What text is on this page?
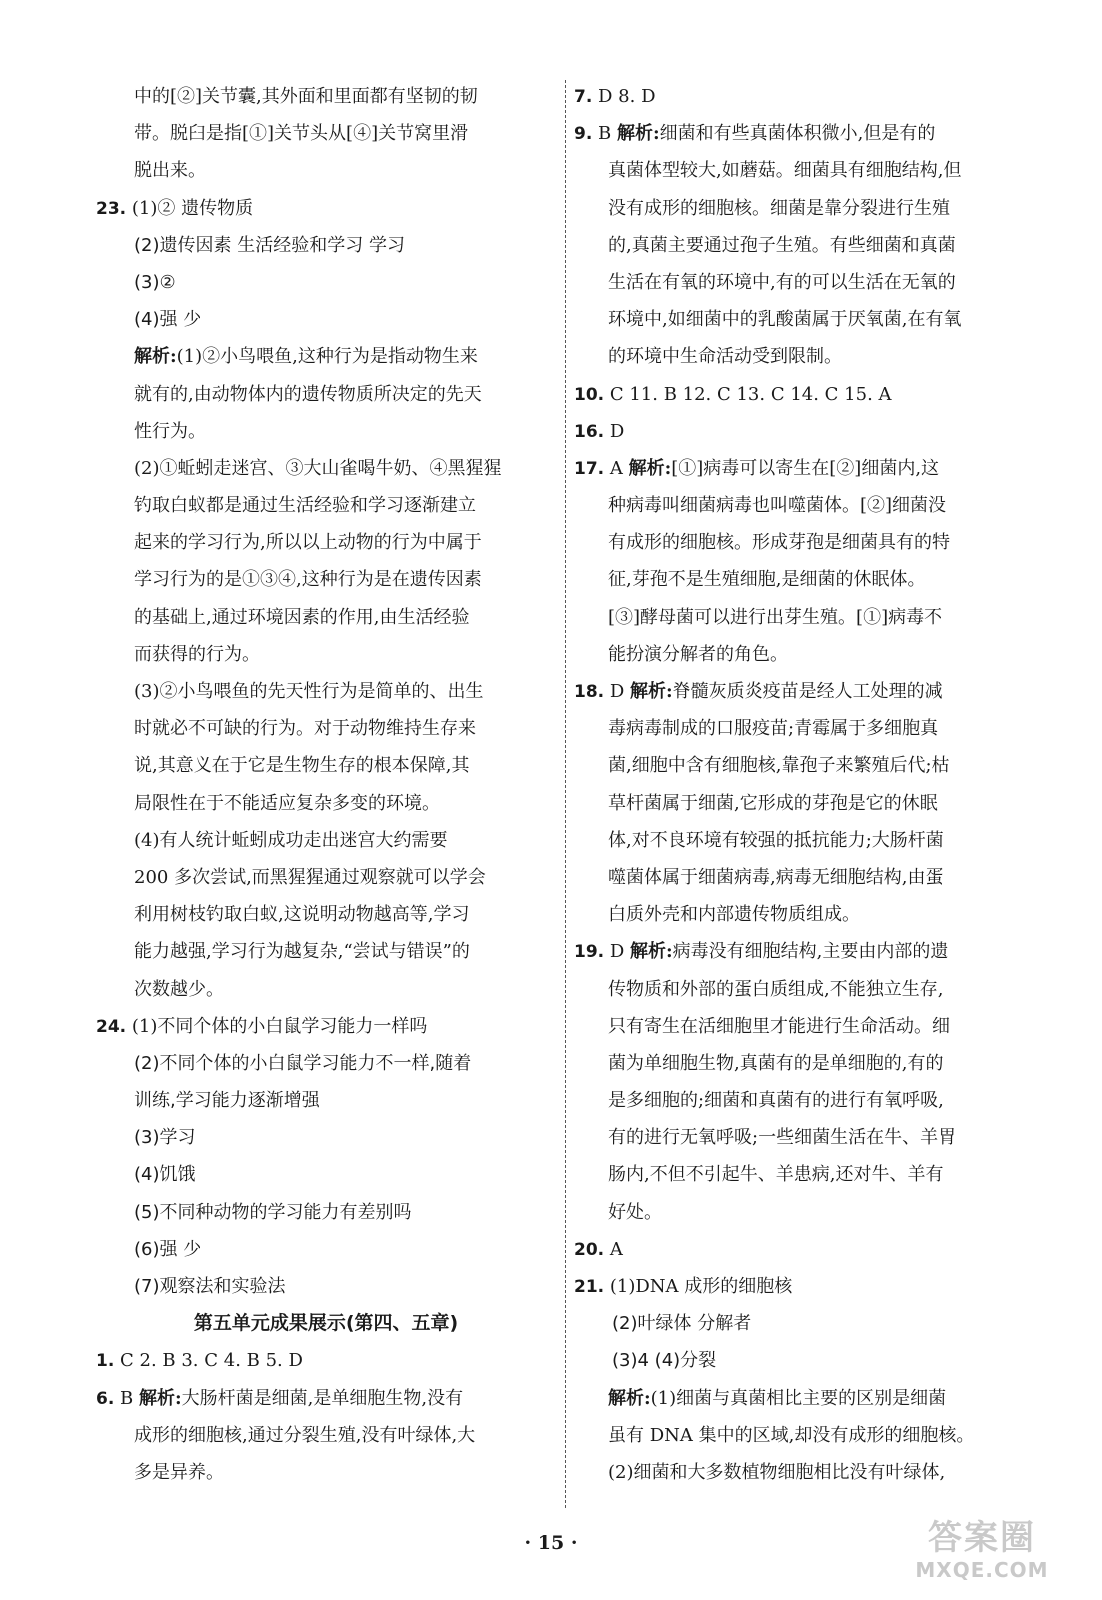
中的[②]关节囊,其外面和里面都有坚韧的韧
带。脱臼是指[①]关节头从[④]关节窝里滑
脱出来。
23. (1)② 遗传物质
(2)遗传因素 生活经验和学习 学习
(3)②
(4)强 少
解析:(1)②小鸟喂鱼,这种行为是指动物生来
就有的,由动物体内的遗传物质所决定的先天
性行为。
(2)①蚯蚓走迷宫、③大山雀喝牛奶、④黑猩猩
钓取白蚁都是通过生活经验和学习逐渐建立
起来的学习行为,所以以上动物的行为中属于
学习行为的是①③④,这种行为是在遗传因素
的基础上,通过环境因素的作用,由生活经验
而获得的行为。
(3)②小鸟喂鱼的先天性行为是简单的、出生
时就必不可缺的行为。对于动物维持生存来
说,其意义在于它是生物生存的根本保障,其
局限性在于不能适应复杂多变的环境。
(4)有人统计蚯蚓成功走出迷宫大约需要
200 多次尝试,而黑猩猩通过观察就可以学会
利用树枝钓取白蚁,这说明动物越高等,学习
能力越强,学习行为越复杂,“尝试与错误”的
次数越少。
24. (1)不同个体的小白鼠学习能力一样吗
(2)不同个体的小白鼠学习能力不一样,随着
训练,学习能力逐渐增强
(3)学习
(4)饥饿
(5)不同种动物的学习能力有差别吗
(6)强 少
(7)观察法和实验法
第五单元成果展示(第四、五章)
1. C 2. B 3. C 4. B 5. D
6. B 解析:大肠杆菌是细菌,是单细胞生物,没有
成形的细胞核,通过分裂生殖,没有叶绿体,大
多是异养。
7. D 8. D
9. B 解析:细菌和有些真菌体积微小,但是有的
真菌体型较大,如蘑菇。细菌具有细胞结构,但
没有成形的细胞核。细菌是靠分裂进行生殖
的,真菌主要通过孢子生殖。有些细菌和真菌
生活在有氧的环境中,有的可以生活在无氧的
环境中,如细菌中的乳酸菌属于厌氧菌,在有氧
的环境中生命活动受到限制。
10. C 11. B 12. C 13. C 14. C 15. A
16. D
17. A 解析:[①]病毒可以寄生在[②]细菌内,这
种病毒叫细菌病毒也叫噬菌体。[②]细菌没
有成形的细胞核。形成芽孢是细菌具有的特
征,芽孢不是生殖细胞,是细菌的休眠体。
[③]酵母菌可以进行出芽生殖。[①]病毒不
能扮演分解者的角色。
18. D 解析:脊髓灰质炎疫苗是经人工处理的减
毒病毒制成的口服疫苗;青霉属于多细胞真
菌,细胞中含有细胞核,靠孢子来繁殖后代;枯
草杆菌属于细菌,它形成的芽孢是它的休眠
体,对不良环境有较强的抵抗能力;大肠杆菌
噬菌体属于细菌病毒,病毒无细胞结构,由蛋
白质外壳和内部遗传物质组成。
19. D 解析:病毒没有细胞结构,主要由内部的遗
传物质和外部的蛋白质组成,不能独立生存,
只有寄生在活细胞里才能进行生命活动。细
菌为单细胞生物,真菌有的是单细胞的,有的
是多细胞的;细菌和真菌有的进行有氧呼吸,
有的进行无氧呼吸;一些细菌生活在牛、羊胃
肠内,不但不引起牛、羊患病,还对牛、羊有
好处。
20. A
21. (1)DNA 成形的细胞核
(2)叶绿体 分解者
(3)4 (4)分裂
解析:(1)细菌与真菌相比主要的区别是细菌
虽有 DNA 集中的区域,却没有成形的细胞核。
(2)细菌和大多数植物细胞相比没有叶绿体,
· 15 ·	答案圈
MXQE.COM
